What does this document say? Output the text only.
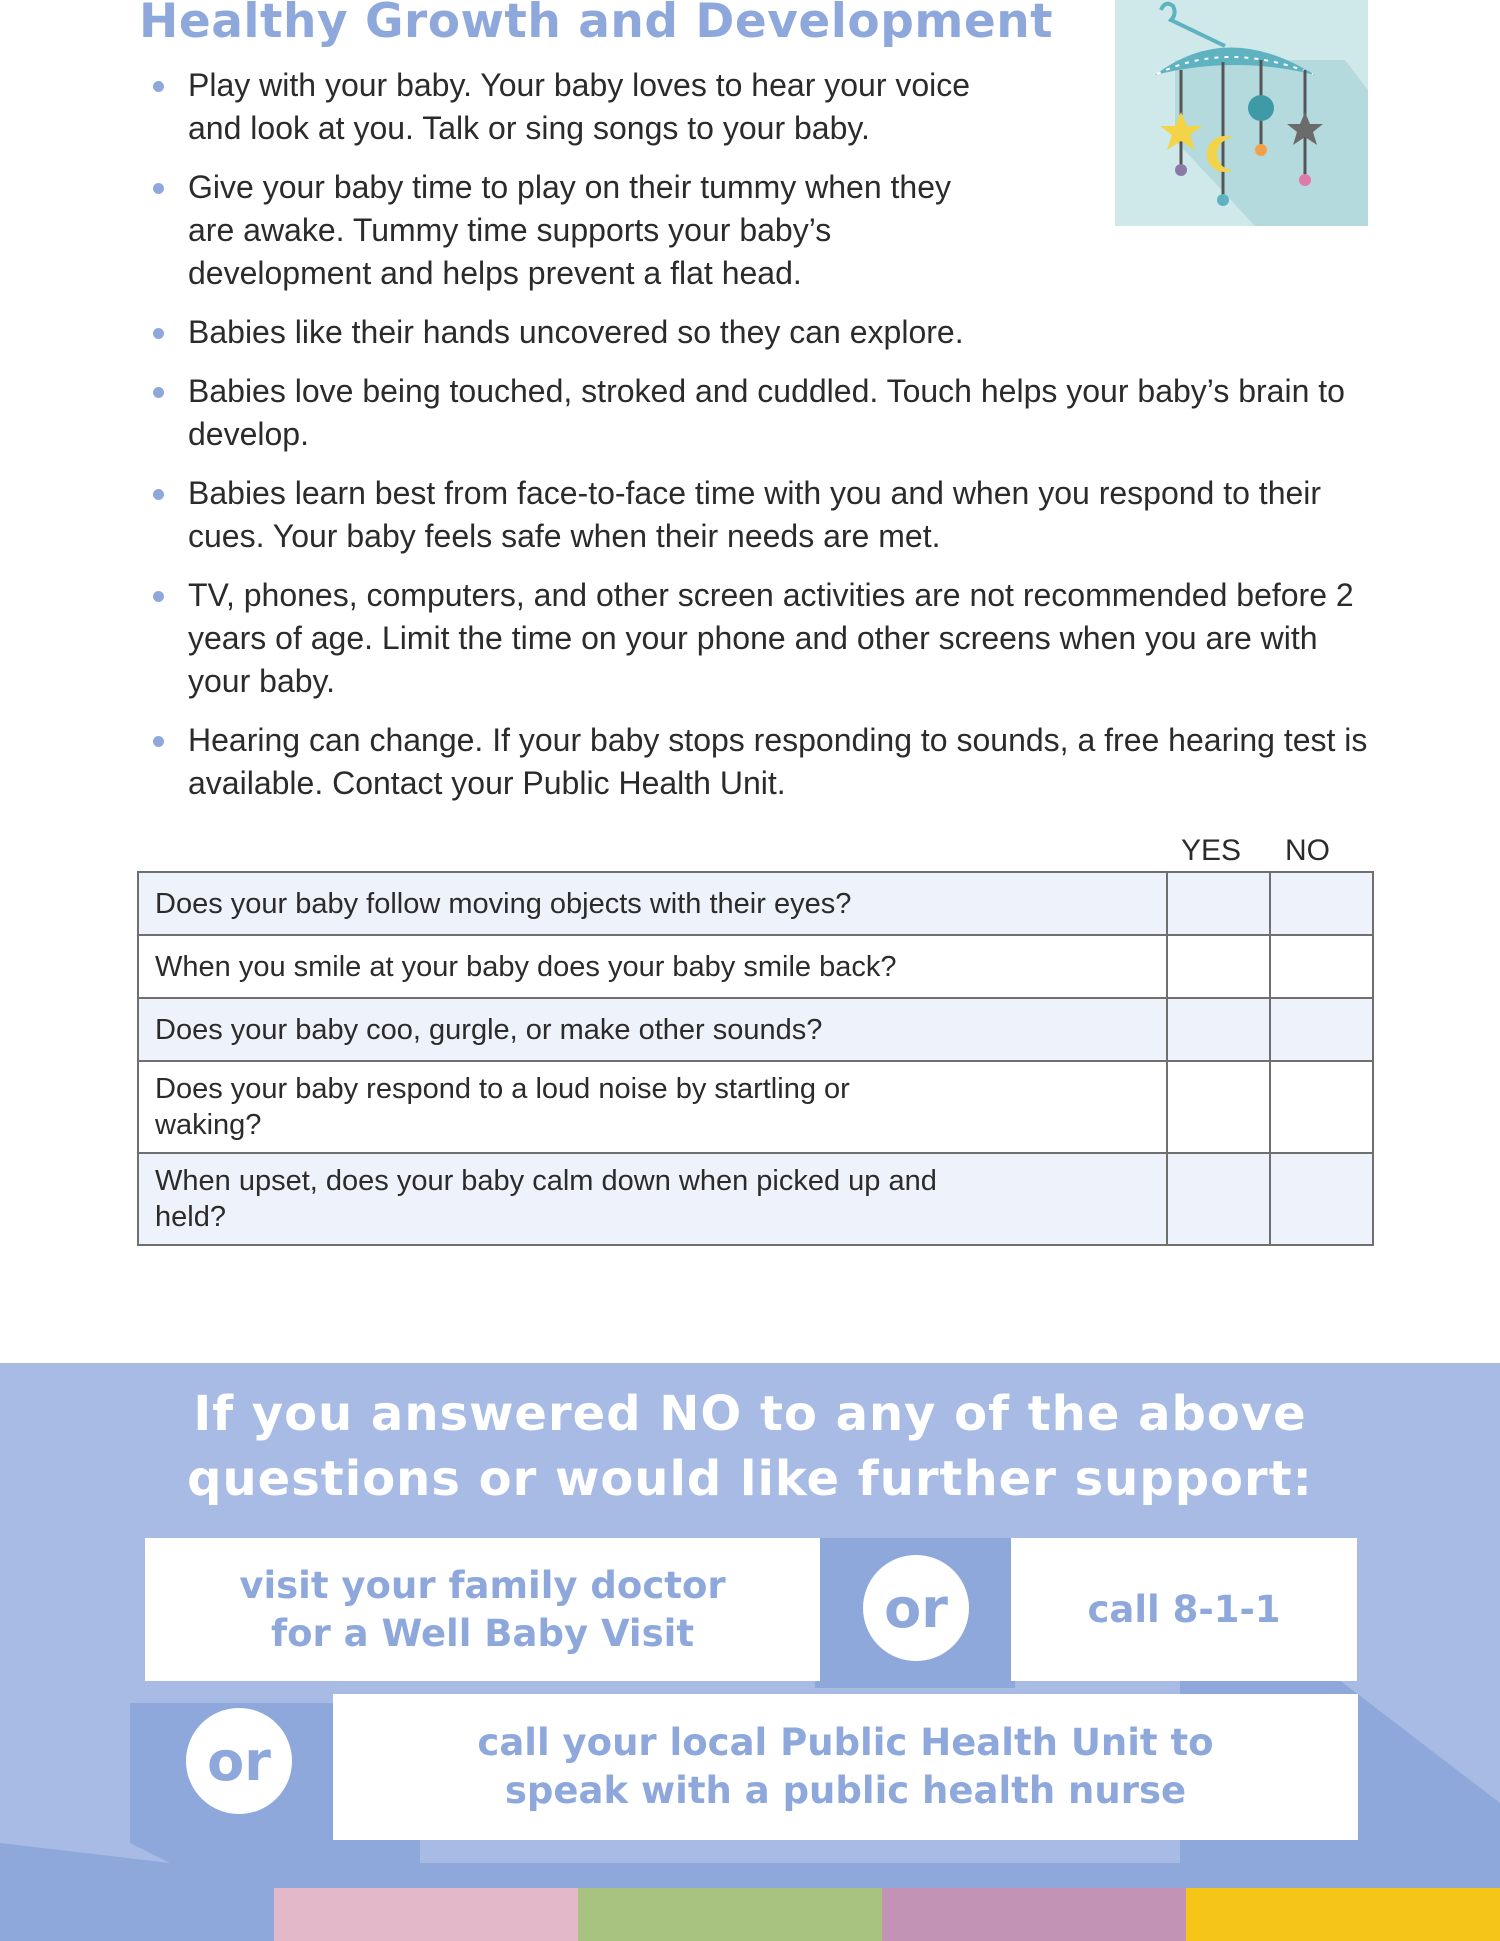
Healthy Growth and Development
Play with your baby. Your baby loves to hear your voice and look at you. Talk or sing songs to your baby.
Give your baby time to play on their tummy when they are awake. Tummy time supports your baby’s development and helps prevent a flat head.
Babies like their hands uncovered so they can explore.
Babies love being touched, stroked and cuddled. Touch helps your baby’s brain to develop.
Babies learn best from face-to-face time with you and when you respond to their cues. Your baby feels safe when their needs are met.
TV, phones, computers, and other screen activities are not recommended before 2 years of age. Limit the time on your phone and other screens when you are with your baby.
Hearing can change. If your baby stops responding to sounds, a free hearing test is available. Contact your Public Health Unit.
YES NO
Does your baby follow moving objects with their eyes?		
When you smile at your baby does your baby smile back?		
Does your baby coo, gurgle, or make other sounds?		

Does your baby respond to a loud noise by startling or waking?		

When upset, does your baby calm down when picked up and held?		

If you answered NO to any of the above
questions or would like further support:
visit your family doctor
for a Well Baby Visit	or	call 8-1-1
or	call your local Public Health Unit to
speak with a public health nurse
